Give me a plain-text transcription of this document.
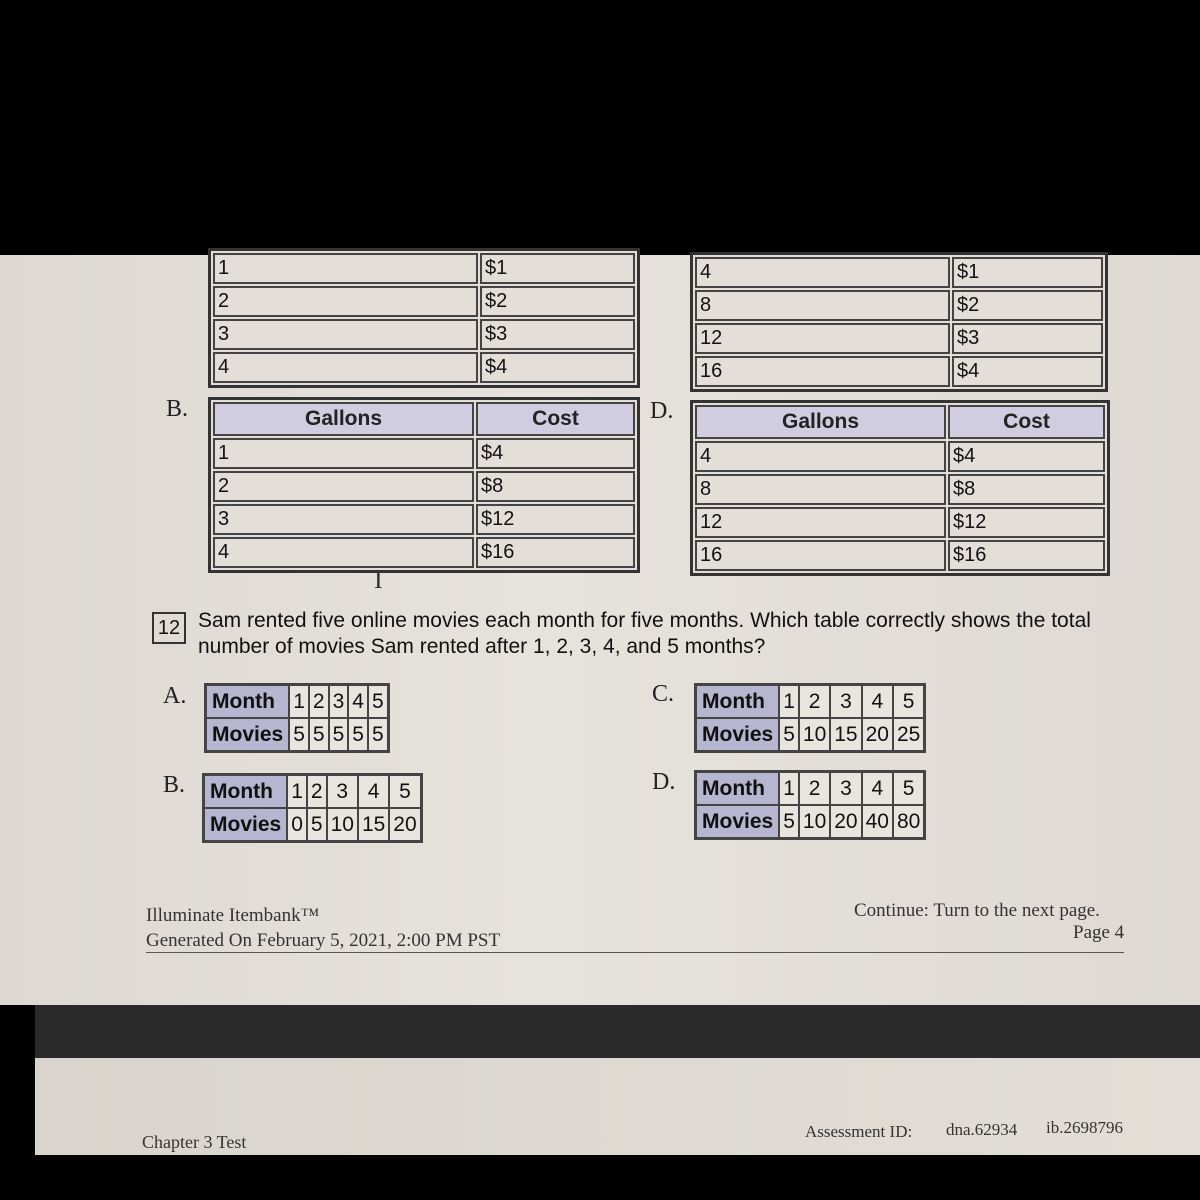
1	$1
2	$2
3	$3
4	$4
4	$1
8	$2
12	$3
16	$4
B.	Gallons	Cost
1	$4
2	$8
3	$12
4	$16
D.	Gallons	Cost
4	$4
8	$8
12	$12
16	$16
I
12 Sam rented five online movies each month for five months. Which table correctly shows the total number of movies Sam rented after 1, 2, 3, 4, and 5 months?
A. Month	1	2	3	4	5
Movies	5	5	5	5	5
B. Month	1	2	3	4	5
Movies	0	5	10	15	20
C. Month	1	2	3	4	5
Movies	5	10	15	20	25
D. Month	1	2	3	4	5
Movies	5	10	20	40	80
Illuminate Itembank™
Generated On February 5, 2021, 2:00 PM PST
Continue: Turn to the next page.
Page 4
Chapter 3 Test
Assessment ID: dna.62934 ib.2698796
